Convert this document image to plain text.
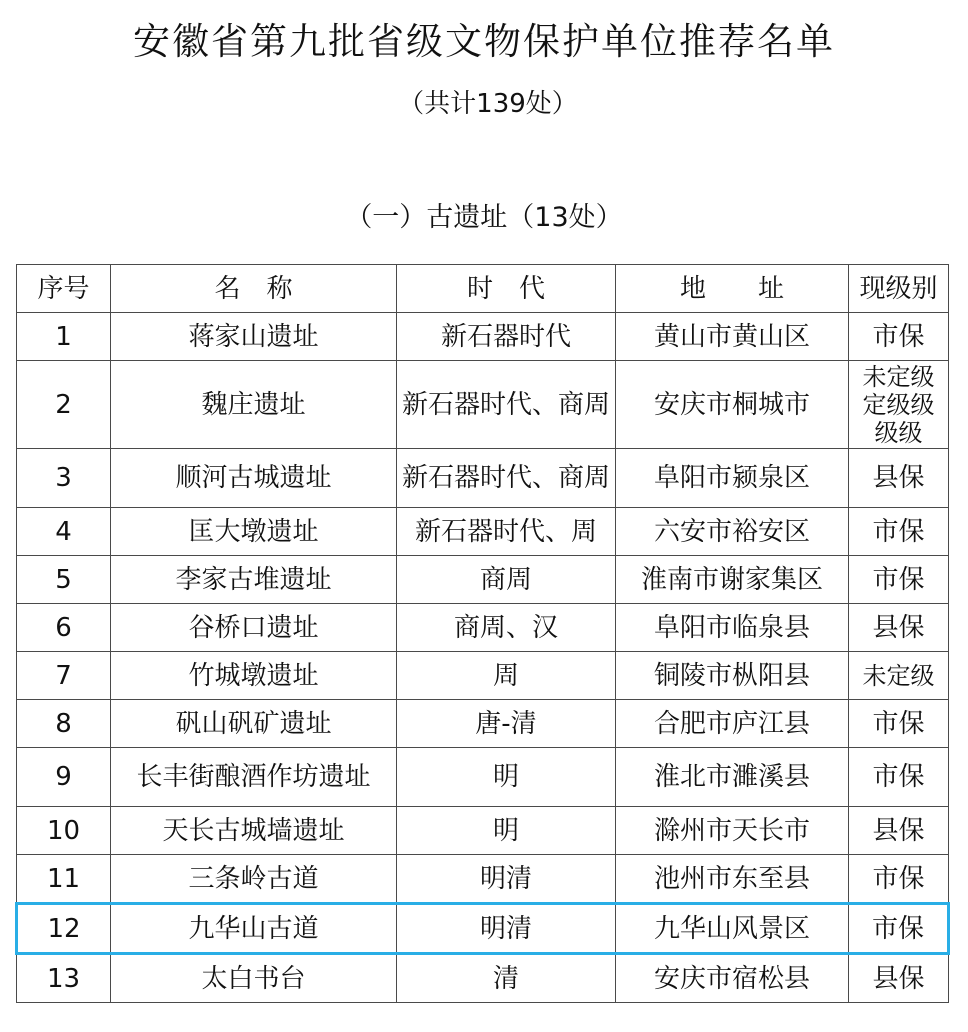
安徽省第九批省级文物保护单位推荐名单
（共计139处）
（一）古遗址（13处）
序号	名　称	时　代	地　　址	现级别
1	蒋家山遗址	新石器时代	黄山市黄山区	市保
2	魏庄遗址	新石器时代、商周	安庆市桐城市	未定级定级级级级
3	顺河古城遗址	新石器时代、商周	阜阳市颍泉区	县保
4	匡大墩遗址	新石器时代、周	六安市裕安区	市保
5	李家古堆遗址	商周	淮南市谢家集区	市保
6	谷桥口遗址	商周、汉	阜阳市临泉县	县保
7	竹城墩遗址	周	铜陵市枞阳县	未定级
8	矾山矾矿遗址	唐-清	合肥市庐江县	市保
9	长丰街酿酒作坊遗址	明	淮北市濉溪县	市保
10	天长古城墙遗址	明	滁州市天长市	县保
11	三条岭古道	明清	池州市东至县	市保
12	九华山古道	明清	九华山风景区	市保
13	太白书台	清	安庆市宿松县	县保
